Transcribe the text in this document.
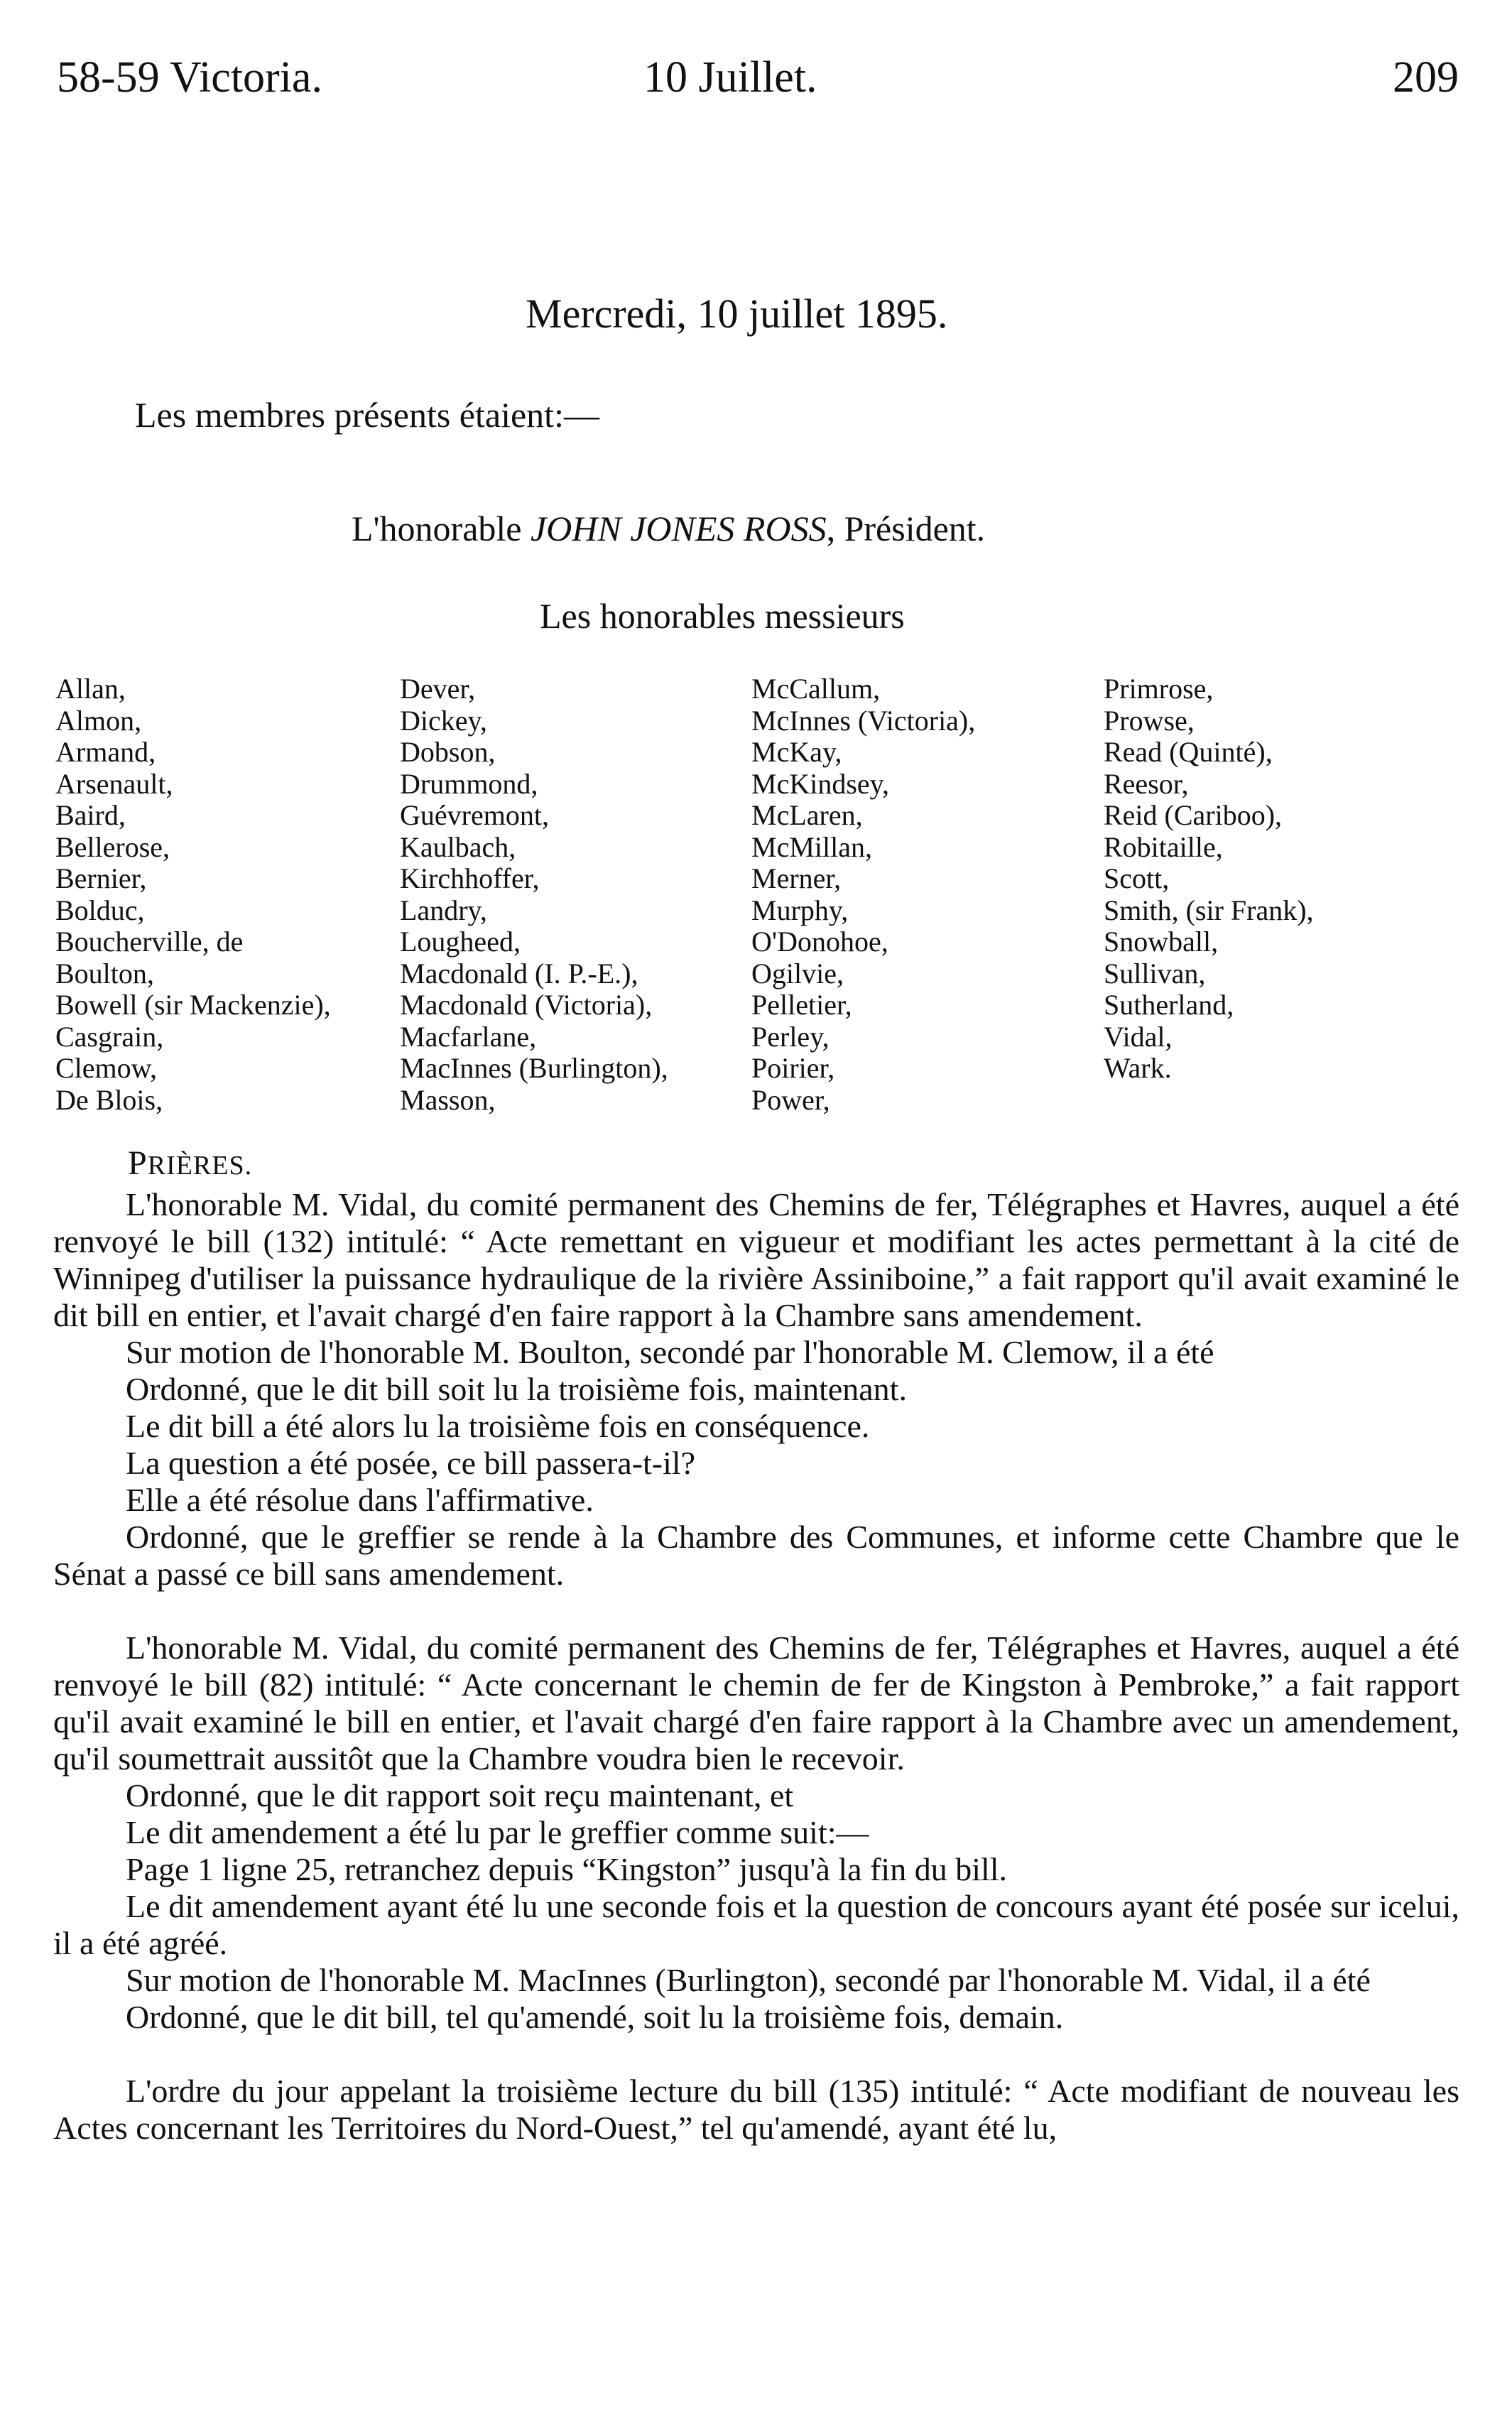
58-59 Victoria.	10 Juillet.	209
Mercredi, 10 juillet 1895.
Les membres présents étaient:—
L'honorable JOHN JONES ROSS, Président.
Les honorables messieurs
Allan,
Almon,
Armand,
Arsenault,
Baird,
Bellerose,
Bernier,
Bolduc,
Boucherville, de
Boulton,
Bowell (sir Mackenzie),
Casgrain,
Clemow,
De Blois,
Dever,
Dickey,
Dobson,
Drummond,
Guévremont,
Kaulbach,
Kirchhoffer,
Landry,
Lougheed,
Macdonald (I. P.-E.),
Macdonald (Victoria),
Macfarlane,
MacInnes (Burlington),
Masson,
McCallum,
McInnes (Victoria),
McKay,
McKindsey,
McLaren,
McMillan,
Merner,
Murphy,
O'Donohoe,
Ogilvie,
Pelletier,
Perley,
Poirier,
Power,
Primrose,
Prowse,
Read (Quinté),
Reesor,
Reid (Cariboo),
Robitaille,
Scott,
Smith, (sir Frank),
Snowball,
Sullivan,
Sutherland,
Vidal,
Wark.
PRIÈRES.

L'honorable M. Vidal, du comité permanent des Chemins de fer, Télégraphes et Havres, auquel a été renvoyé le bill (132) intitulé: “ Acte remettant en vigueur et modifiant les actes permettant à la cité de Winnipeg d'utiliser la puissance hydraulique de la rivière Assiniboine,” a fait rapport qu'il avait examiné le dit bill en entier, et l'avait chargé d'en faire rapport à la Chambre sans amendement.

Sur motion de l'honorable M. Boulton, secondé par l'honorable M. Clemow, il a été

Ordonné, que le dit bill soit lu la troisième fois, maintenant.

Le dit bill a été alors lu la troisième fois en conséquence.

La question a été posée, ce bill passera-t-il?

Elle a été résolue dans l'affirmative.

Ordonné, que le greffier se rende à la Chambre des Communes, et informe cette Chambre que le Sénat a passé ce bill sans amendement.

L'honorable M. Vidal, du comité permanent des Chemins de fer, Télégraphes et Havres, auquel a été renvoyé le bill (82) intitulé: “ Acte concernant le chemin de fer de Kingston à Pembroke,” a fait rapport qu'il avait examiné le bill en entier, et l'avait chargé d'en faire rapport à la Chambre avec un amendement, qu'il soumettrait aussitôt que la Chambre voudra bien le recevoir.

Ordonné, que le dit rapport soit reçu maintenant, et

Le dit amendement a été lu par le greffier comme suit:—

Page 1 ligne 25, retranchez depuis “Kingston” jusqu'à la fin du bill.

Le dit amendement ayant été lu une seconde fois et la question de concours ayant été posée sur icelui, il a été agréé.

Sur motion de l'honorable M. MacInnes (Burlington), secondé par l'honorable M. Vidal, il a été

Ordonné, que le dit bill, tel qu'amendé, soit lu la troisième fois, demain.

L'ordre du jour appelant la troisième lecture du bill (135) intitulé: “ Acte modifiant de nouveau les Actes concernant les Territoires du Nord-Ouest,” tel qu'amendé, ayant été lu,
